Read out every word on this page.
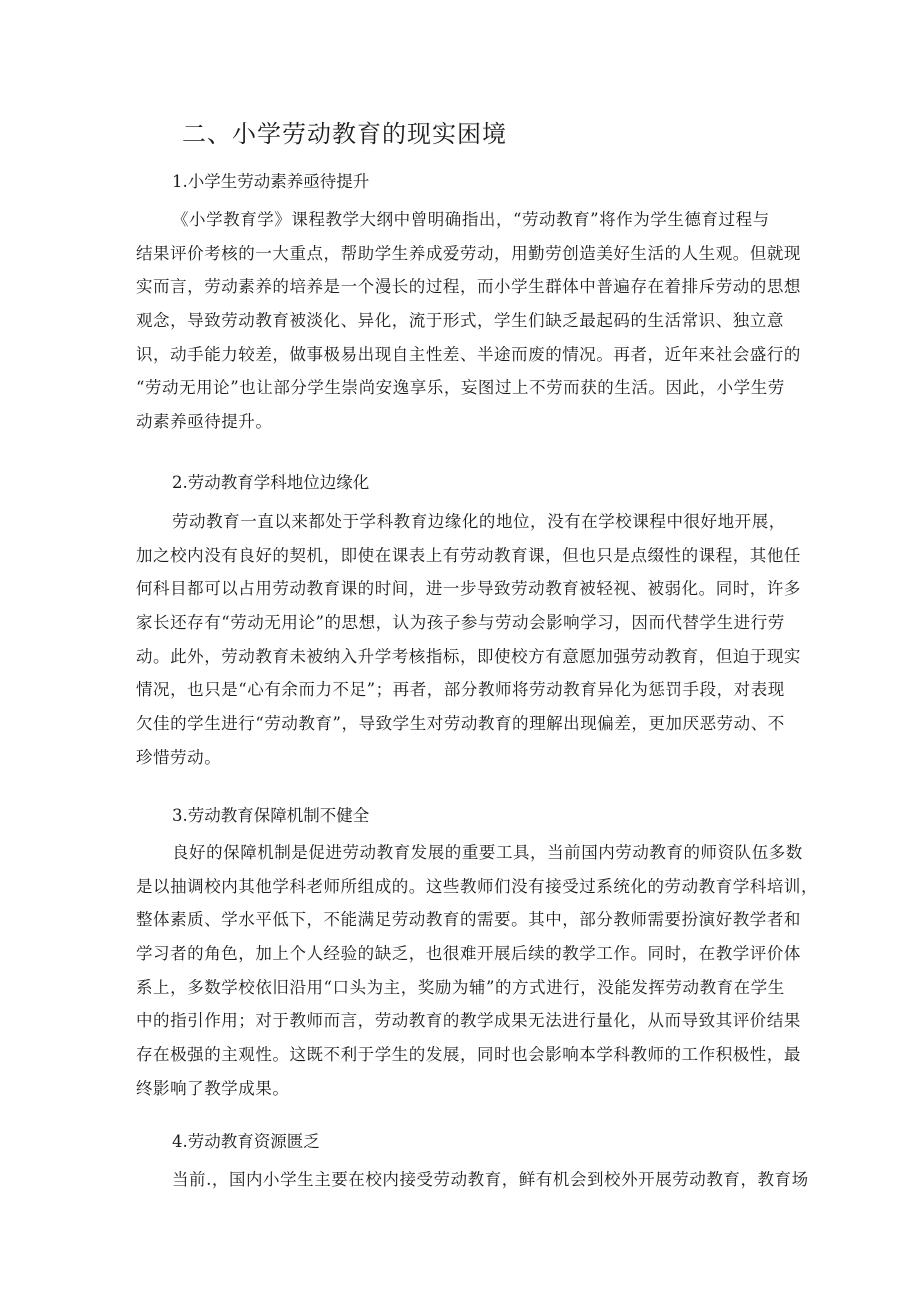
二、小学劳动教育的现实困境

1.小学生劳动素养亟待提升

《小学教育学》课程教学大纲中曾明确指出，“劳动教育”将作为学生德育过程与
结果评价考核的一大重点，帮助学生养成爱劳动，用勤劳创造美好生活的人生观。但就现
实而言，劳动素养的培养是一个漫长的过程，而小学生群体中普遍存在着排斥劳动的思想
观念，导致劳动教育被淡化、异化，流于形式，学生们缺乏最起码的生活常识、独立意
识，动手能力较差，做事极易出现自主性差、半途而废的情况。再者，近年来社会盛行的
“劳动无用论”也让部分学生崇尚安逸享乐，妄图过上不劳而获的生活。因此，小学生劳
动素养亟待提升。

2.劳动教育学科地位边缘化

劳动教育一直以来都处于学科教育边缘化的地位，没有在学校课程中很好地开展，
加之校内没有良好的契机，即使在课表上有劳动教育课，但也只是点缀性的课程，其他任
何科目都可以占用劳动教育课的时间，进一步导致劳动教育被轻视、被弱化。同时，许多
家长还存有“劳动无用论”的思想，认为孩子参与劳动会影响学习，因而代替学生进行劳
动。此外，劳动教育未被纳入升学考核指标，即使校方有意愿加强劳动教育，但迫于现实
情况，也只是“心有余而力不足”；再者，部分教师将劳动教育异化为惩罚手段，对表现
欠佳的学生进行“劳动教育”，导致学生对劳动教育的理解出现偏差，更加厌恶劳动、不
珍惜劳动。

3.劳动教育保障机制不健全

良好的保障机制是促进劳动教育发展的重要工具，当前国内劳动教育的师资队伍多数
是以抽调校内其他学科老师所组成的。这些教师们没有接受过系统化的劳动教育学科培训，
整体素质、学水平低下，不能满足劳动教育的需要。其中，部分教师需要扮演好教学者和
学习者的角色，加上个人经验的缺乏，也很难开展后续的教学工作。同时，在教学评价体
系上，多数学校依旧沿用“口头为主，奖励为辅”的方式进行，没能发挥劳动教育在学生
中的指引作用；对于教师而言，劳动教育的教学成果无法进行量化，从而导致其评价结果
存在极强的主观性。这既不利于学生的发展，同时也会影响本学科教师的工作积极性，最
终影响了教学成果。

4.劳动教育资源匮乏

当前.，国内小学生主要在校内接受劳动教育，鲜有机会到校外开展劳动教育，教育场
